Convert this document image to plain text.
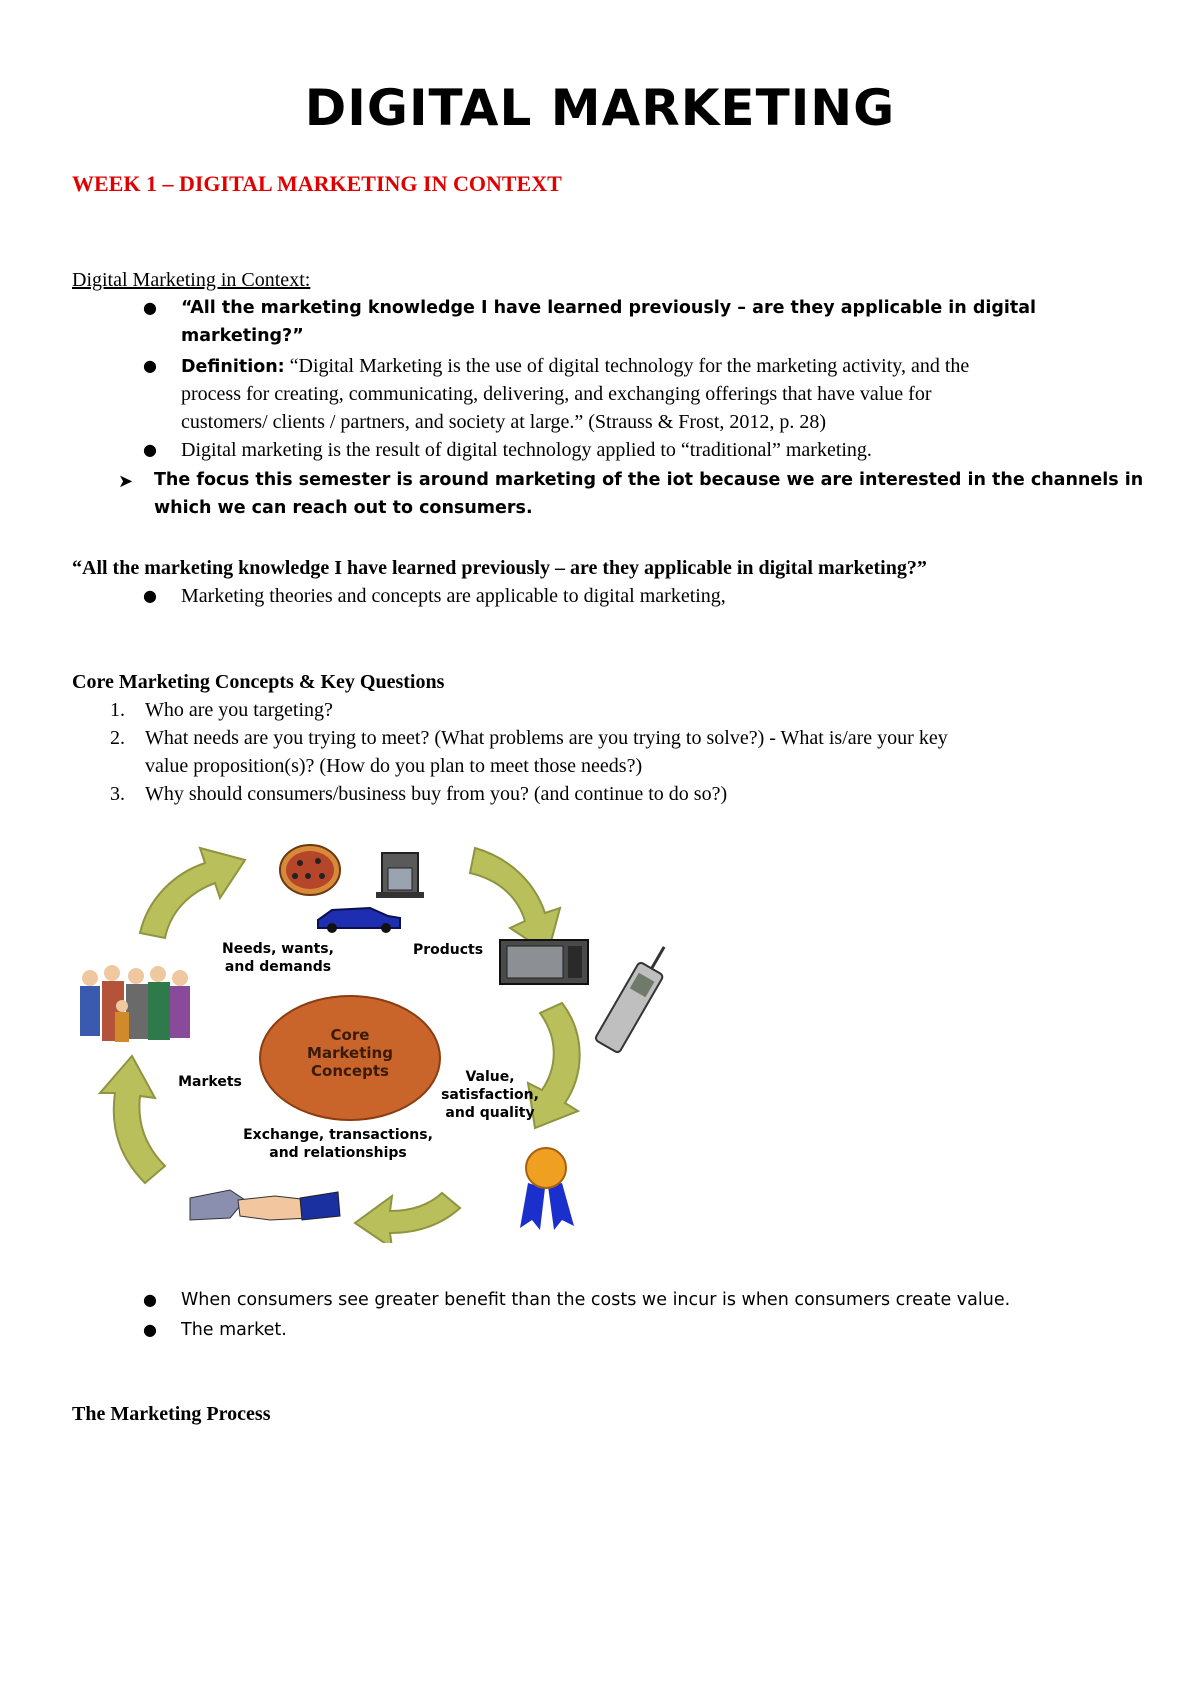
DIGITAL MARKETING
WEEK 1 – DIGITAL MARKETING IN CONTEXT
Digital Marketing in Context:
● “All the marketing knowledge I have learned previously – are they applicable in digital
marketing?”
● Definition: “Digital Marketing is the use of digital technology for the marketing activity, and the
process for creating, communicating, delivering, and exchanging offerings that have value for
customers/ clients / partners, and society at large.” (Strauss & Frost, 2012, p. 28)
● Digital marketing is the result of digital technology applied to “traditional” marketing.
➤ The focus this semester is around marketing of the iot because we are interested in the channels in
which we can reach out to consumers.
“All the marketing knowledge I have learned previously – are they applicable in digital marketing?”
● Marketing theories and concepts are applicable to digital marketing,
Core Marketing Concepts & Key Questions
1. Who are you targeting?
2. What needs are you trying to meet? (What problems are you trying to solve?) - What is/are your key
value proposition(s)? (How do you plan to meet those needs?)
3. Why should consumers/business buy from you? (and continue to do so?)
Core
Marketing
Concepts
Needs, wants,
and demands
Products
Value,
satisfaction,
and quality
Exchange, transactions,
and relationships
Markets
● When consumers see greater benefit than the costs we incur is when consumers create value.
● The market.
The Marketing Process
